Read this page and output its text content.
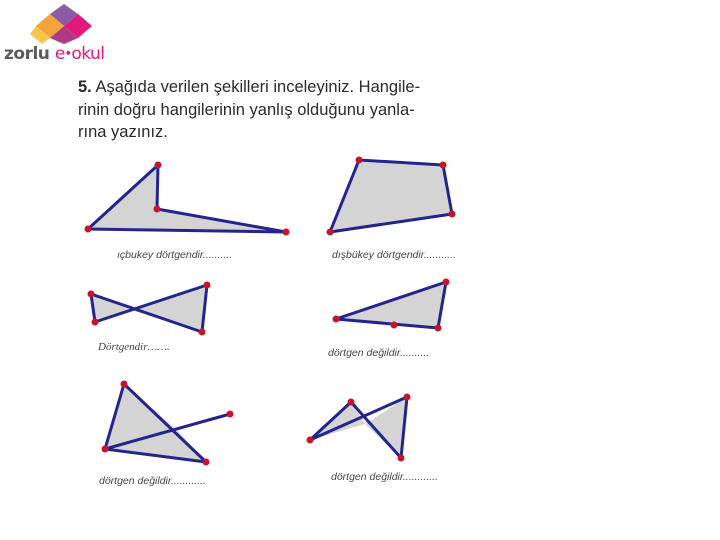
zorlu e•okul
5. Aşağıda verilen şekilleri inceleyiniz. Hangile-
rinin doğru hangilerinin yanlış olduğunu yanla-
rına yazınız.
ıçbukey dörtgendir..........	dışbükey dörtgendir...........
dörtgen değildir..........
dörtgen değildir............	dörtgen değildir............
Dörtgendir…….
